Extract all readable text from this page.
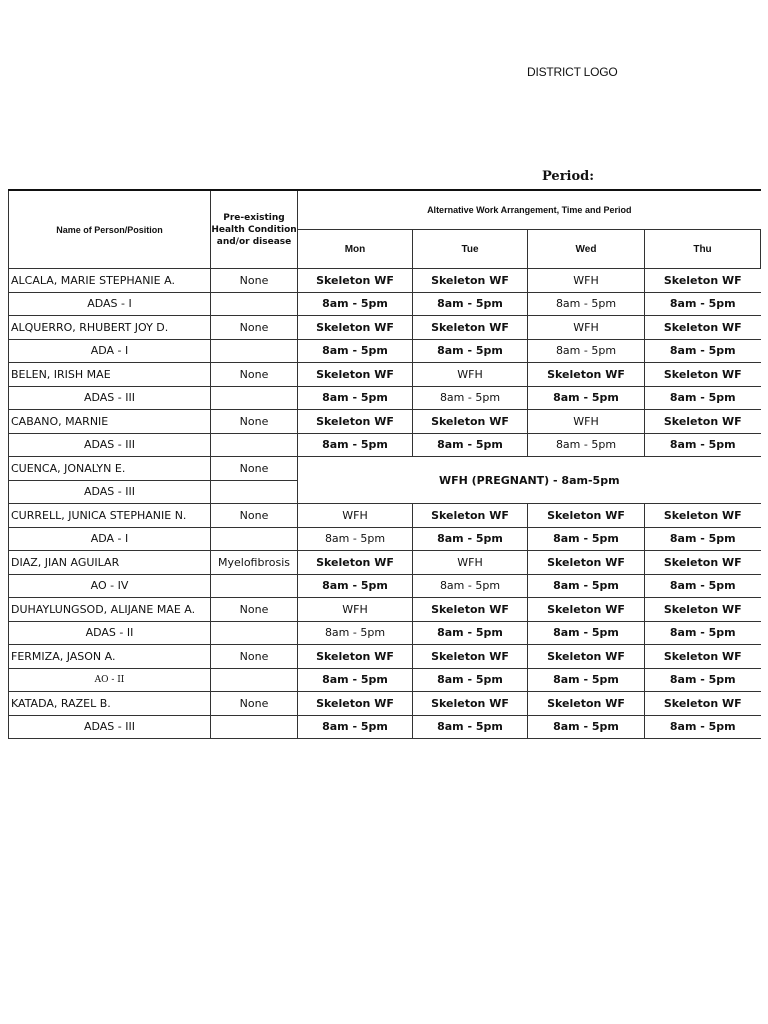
DISTRICT LOGO
Period:
Name of Person/Position	Pre-existing Health Condition and/or disease	Alternative Work Arrangement, Time and Period			
		Mon	Tue	Wed	Thu
ALCALA, MARIE STEPHANIE A.	None	Skeleton WF	Skeleton WF	WFH	Skeleton WF
ADAS - I		8am - 5pm	8am - 5pm	8am - 5pm	8am - 5pm
ALQUERRO, RHUBERT JOY D.	None	Skeleton WF	Skeleton WF	WFH	Skeleton WF
ADA - I		8am - 5pm	8am - 5pm	8am - 5pm	8am - 5pm
BELEN, IRISH MAE	None	Skeleton WF	WFH	Skeleton WF	Skeleton WF
ADAS - III		8am - 5pm	8am - 5pm	8am - 5pm	8am - 5pm
CABANO, MARNIE	None	Skeleton WF	Skeleton WF	WFH	Skeleton WF
ADAS - III		8am - 5pm	8am - 5pm	8am - 5pm	8am - 5pm
CUENCA, JONALYN E.	None	WFH (PREGNANT) - 8am-5pm			
ADAS - III					
CURRELL, JUNICA STEPHANIE N.	None	WFH	Skeleton WF	Skeleton WF	Skeleton WF
ADA - I		8am - 5pm	8am - 5pm	8am - 5pm	8am - 5pm
DIAZ, JIAN AGUILAR	Myelofibrosis	Skeleton WF	WFH	Skeleton WF	Skeleton WF
AO - IV		8am - 5pm	8am - 5pm	8am - 5pm	8am - 5pm
DUHAYLUNGSOD, ALIJANE MAE A.	None	WFH	Skeleton WF	Skeleton WF	Skeleton WF
ADAS - II		8am - 5pm	8am - 5pm	8am - 5pm	8am - 5pm
FERMIZA, JASON A.	None	Skeleton WF	Skeleton WF	Skeleton WF	Skeleton WF
AO - II		8am - 5pm	8am - 5pm	8am - 5pm	8am - 5pm
KATADA, RAZEL B.	None	Skeleton WF	Skeleton WF	Skeleton WF	Skeleton WF
ADAS - III		8am - 5pm	8am - 5pm	8am - 5pm	8am - 5pm
